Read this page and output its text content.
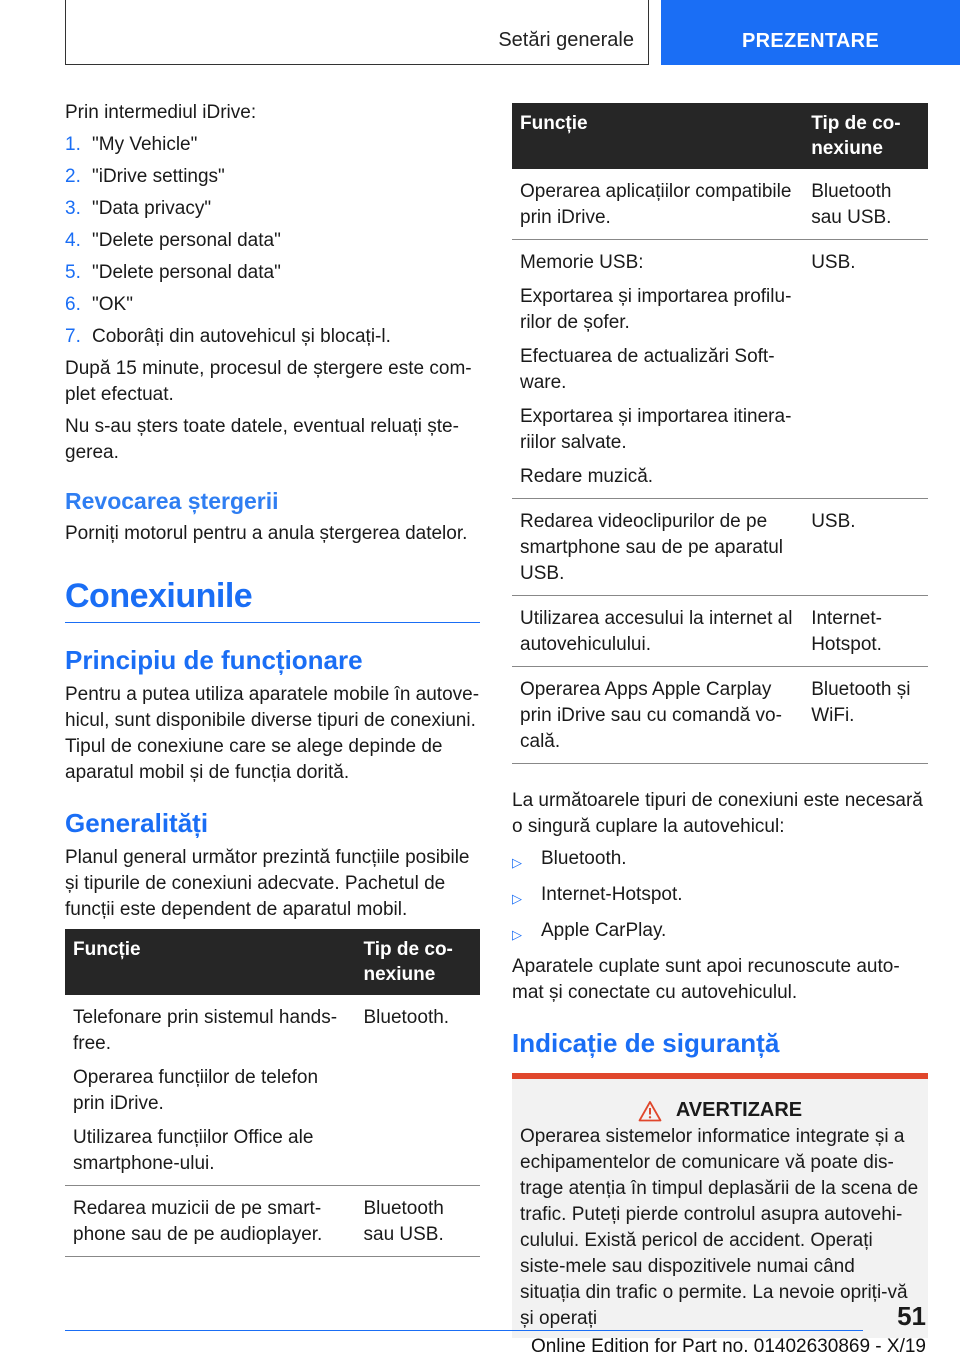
Setări generale	PREZENTARE

Prin intermediul iDrive:

1. "My Vehicle"
2. "iDrive settings"
3. "Data privacy"
4. "Delete personal data"
5. "Delete personal data"
6. "OK"
7. Coborâți din autovehicul și blocați-l.

După 15 minute, procesul de ștergere este com-plet efectuat.

Nu s-au șters toate datele, eventual reluați ște-gerea.

Revocarea ștergerii

Porniți motorul pentru a anula ștergerea datelor.

Conexiunile
Principiu de funcționare

Pentru a putea utiliza aparatele mobile în autove-hicul, sunt disponibile diverse tipuri de conexiuni. Tipul de conexiune care se alege depinde de aparatul mobil și de funcția dorită.

Generalități

Planul general următor prezintă funcțiile posibile și tipurile de conexiuni adecvate. Pachetul de funcții este dependent de aparatul mobil.

Funcție	Tip de co-nexiune

Telefonare prin sistemul hands-free.

Operarea funcțiilor de telefon prin iDrive.

Utilizarea funcțiilor Office ale smartphone-ului.	Bluetooth.
Redarea muzicii de pe smart-phone sau de pe audioplayer.	Bluetooth sau USB.
Funcție	Tip de co-nexiune
Operarea aplicațiilor compatibile prin iDrive.	Bluetooth sau USB.

Memorie USB:

Exportarea și importarea profilu-rilor de șofer.

Efectuarea de actualizări Soft-ware.

Exportarea și importarea itinera-riilor salvate.

Redare muzică.	USB.
Redarea videoclipurilor de pe smartphone sau de pe aparatul USB.	USB.
Utilizarea accesului la internet al autovehiculului.	Internet-Hotspot.
Operarea Apps Apple Carplay prin iDrive sau cu comandă vo-cală.	Bluetooth și WiFi.

La următoarele tipuri de conexiuni este necesară o singură cuplare la autovehicul:

▷	Bluetooth.
▷	Internet-Hotspot.
▷	Apple CarPlay.

Aparatele cuplate sunt apoi recunoscute auto-mat și conectate cu autovehiculul.

Indicație de siguranță
AVERTIZARE

Operarea sistemelor informatice integrate și a echipamentelor de comunicare vă poate dis-trage atenția în timpul deplasării de la scena de trafic. Puteți pierde controlul asupra autovehi-culului. Există pericol de accident. Operați siste-mele sau dispozitivele numai când situația din trafic o permite. La nevoie opriți-vă și operați	51
Online Edition for Part no. 01402630869 - X/19
